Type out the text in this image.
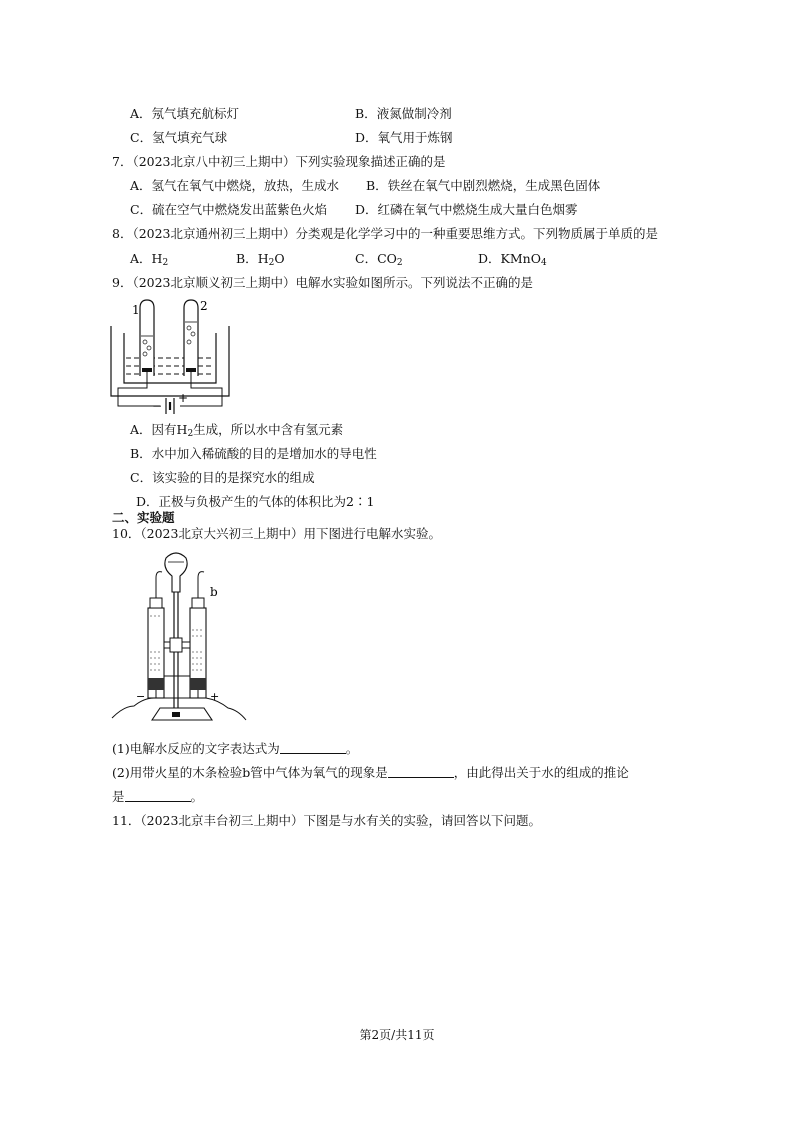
A．氖气填充航标灯	B．液氮做制冷剂
C．氢气填充气球	D．氧气用于炼钢
7．（2023北京八中初三上期中）下列实验现象描述正确的是
A．氢气在氧气中燃烧，放热，生成水 B．铁丝在氧气中剧烈燃烧，生成黑色固体
C．硫在空气中燃烧发出蓝紫色火焰 D．红磷在氧气中燃烧生成大量白色烟雾
8．（2023北京通州初三上期中）分类观是化学学习中的一种重要思维方式。下列物质属于单质的是
A．$H_2$	B．$H_2O$	C．$CO_2$	D．KMnO$_4$
9．（2023北京顺义初三上期中）电解水实验如图所示。下列说法不正确的是
−
+
1	2
A．因有$H_2$生成，所以水中含有氢元素
B．水中加入稀硫酸的目的是增加水的导电性
C．该实验的目的是探究水的组成
D．正极与负极产生的气体的体积比为2∶1
二、实验题
10．（2023北京大兴初三上期中）用下图进行电解水实验。
−	+
b
(1)电解水反应的文字表达式为	。
(2)用带火星的木条检验b管中气体为氧气的现象是	，由此得出关于水的组成的推论
是	。
11．（2023北京丰台初三上期中）下图是与水有关的实验，请回答以下问题。
第2页/共11页
